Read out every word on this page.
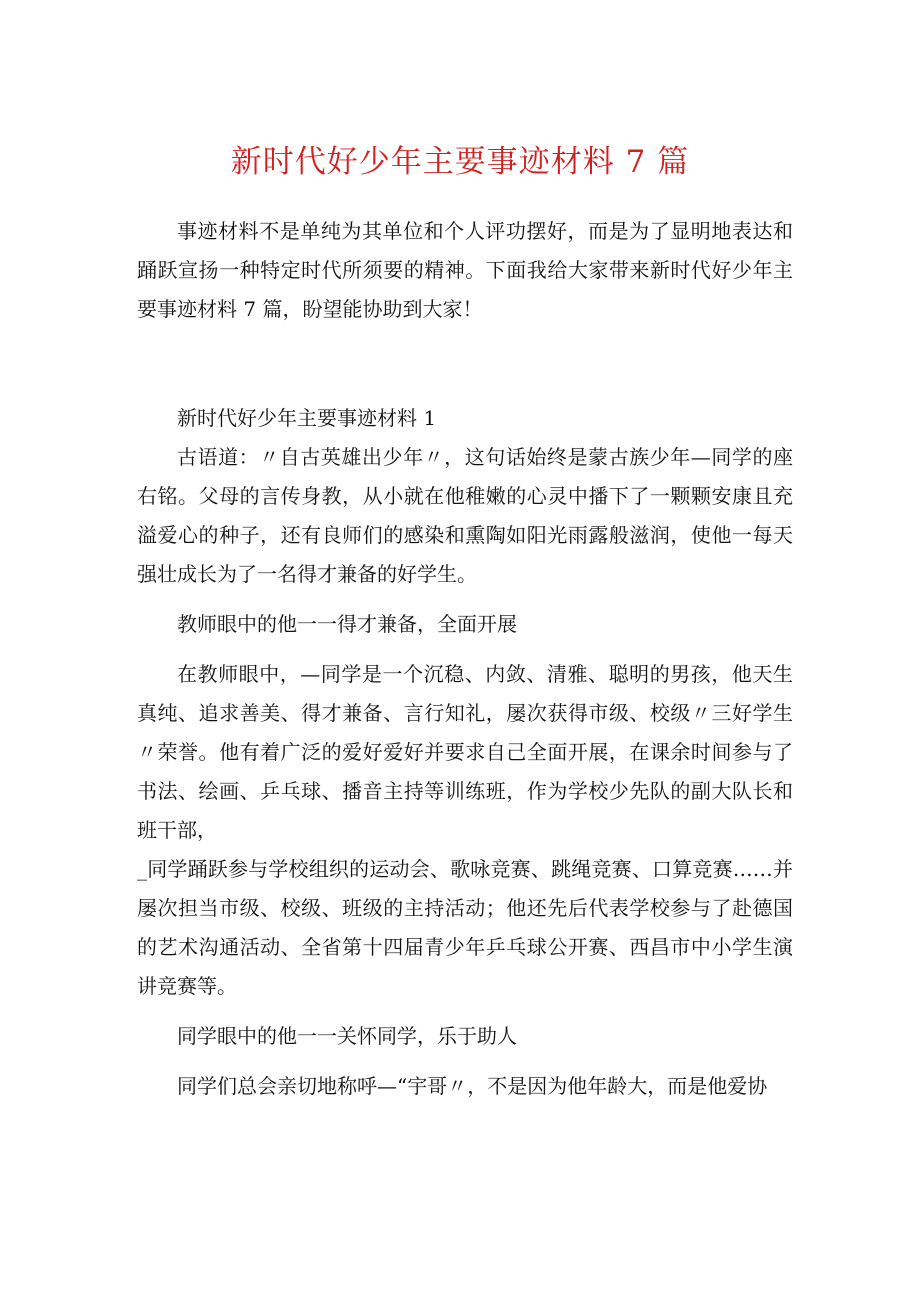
新时代好少年主要事迹材料 7 篇

事迹材料不是单纯为其单位和个人评功摆好，而是为了显明地表达和踊跃宣扬一种特定时代所须要的精神。下面我给大家带来新时代好少年主要事迹材料 7 篇，盼望能协助到大家！

新时代好少年主要事迹材料 1

古语道：〃自古英雄出少年〃，这句话始终是蒙古族少年—同学的座右铭。父母的言传身教，从小就在他稚嫩的心灵中播下了一颗颗安康且充溢爱心的种子，还有良师们的感染和熏陶如阳光雨露般滋润，使他一每天强壮成长为了一名得才兼备的好学生。

教师眼中的他一一得才兼备，全面开展

在教师眼中，—同学是一个沉稳、内敛、清雅、聪明的男孩，他天生真纯、追求善美、得才兼备、言行知礼，屡次获得市级、校级〃三好学生〃荣誉。他有着广泛的爱好爱好并要求自己全面开展，在课余时间参与了书法、绘画、乒乓球、播音主持等训练班，作为学校少先队的副大队长和班干部，

_同学踊跃参与学校组织的运动会、歌咏竞赛、跳绳竞赛、口算竞赛……并屡次担当市级、校级、班级的主持活动；他还先后代表学校参与了赴德国的艺术沟通活动、全省第十四届青少年乒乓球公开赛、西昌市中小学生演讲竞赛等。

同学眼中的他一一关怀同学，乐于助人

同学们总会亲切地称呼—“宇哥〃，不是因为他年龄大，而是他爱协
